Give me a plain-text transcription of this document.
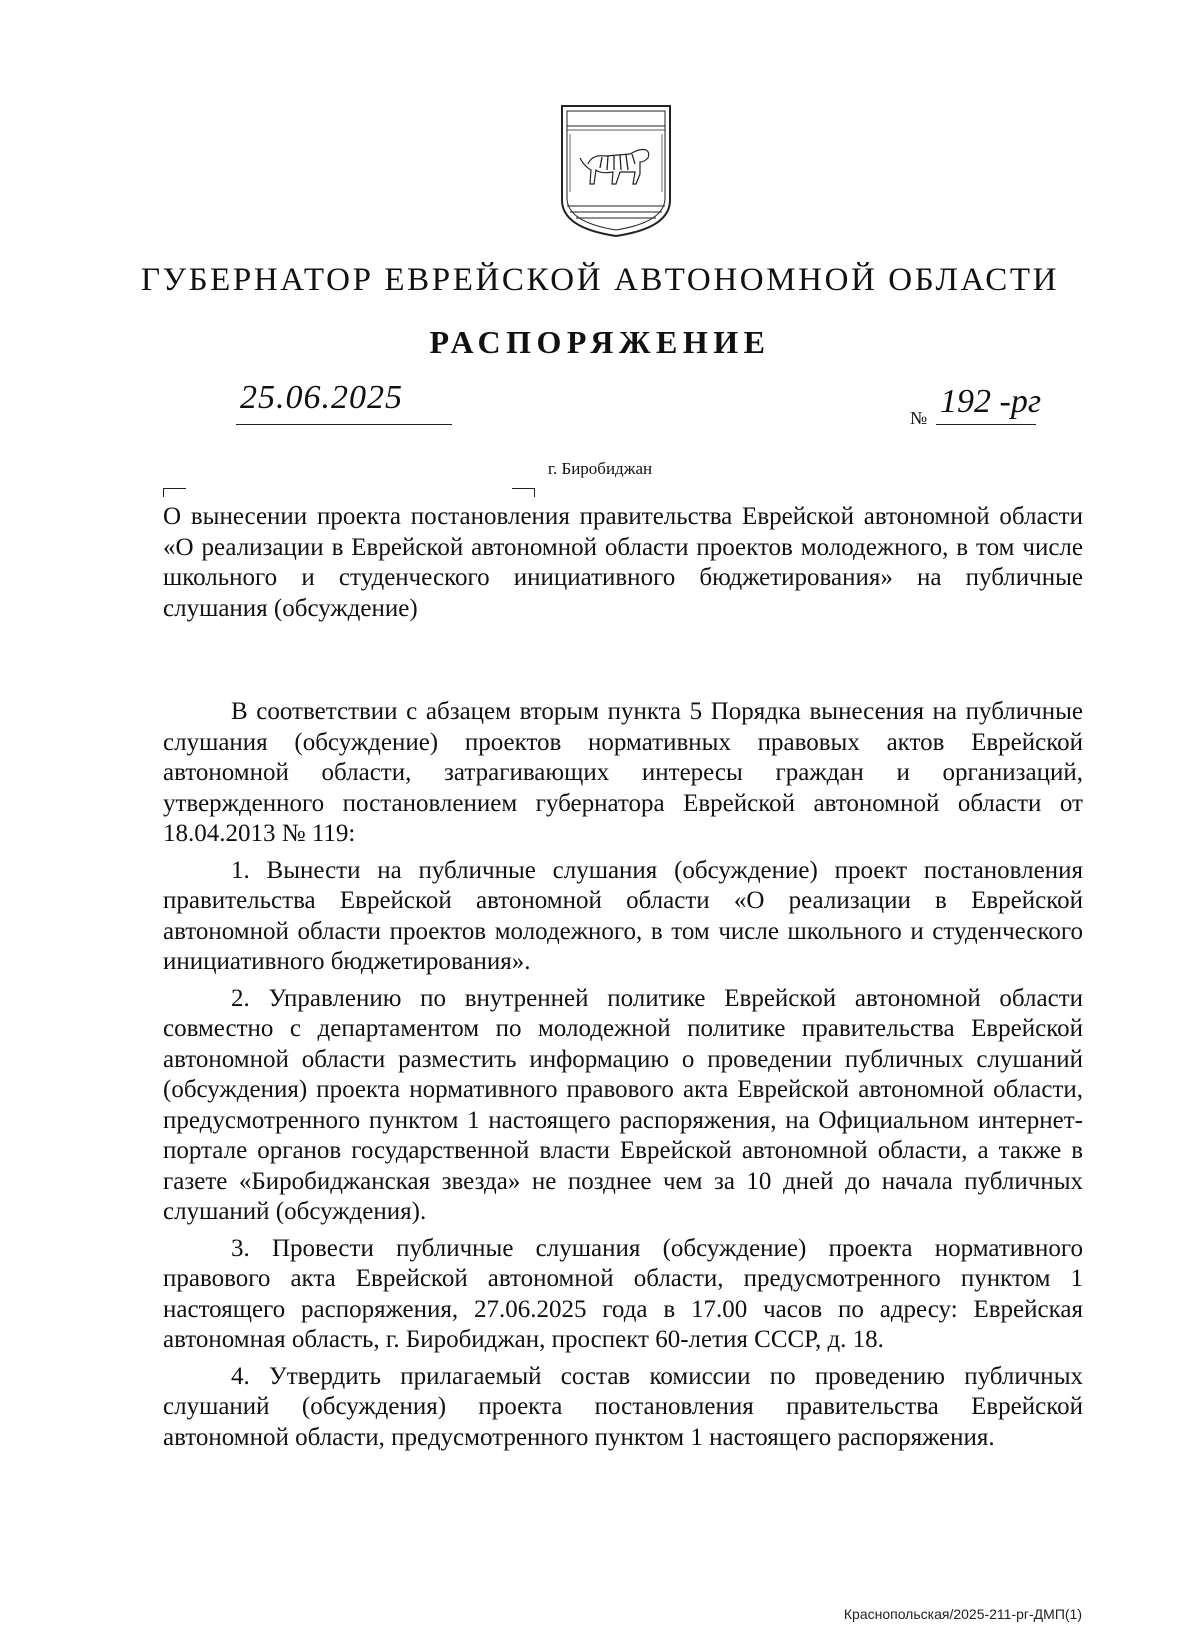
ГУБЕРНАТОР ЕВРЕЙСКОЙ АВТОНОМНОЙ ОБЛАСТИ
РАСПОРЯЖЕНИЕ
25.06.2025
№ 192 -рг
г. Биробиджан
О вынесении проекта постановления правительства Еврейской автономной области «О реализации в Еврейской автономной области проектов молодежного, в том числе школьного и студенческого инициативного бюджетирования» на публичные слушания (обсуждение)

В соответствии с абзацем вторым пункта 5 Порядка вынесения на публичные слушания (обсуждение) проектов нормативных правовых актов Еврейской автономной области, затрагивающих интересы граждан и организаций, утвержденного постановлением губернатора Еврейской автономной области от 18.04.2013 № 119:

1. Вынести на публичные слушания (обсуждение) проект постановления правительства Еврейской автономной области «О реализации в Еврейской автономной области проектов молодежного, в том числе школьного и студенческого инициативного бюджетирования».

2. Управлению по внутренней политике Еврейской автономной области совместно с департаментом по молодежной политике правительства Еврейской автономной области разместить информацию о проведении публичных слушаний (обсуждения) проекта нормативного правового акта Еврейской автономной области, предусмотренного пунктом 1 настоящего распоряжения, на Официальном интернет-портале органов государственной власти Еврейской автономной области, а также в газете «Биробиджанская звезда» не позднее чем за 10 дней до начала публичных слушаний (обсуждения).

3. Провести публичные слушания (обсуждение) проекта нормативного правового акта Еврейской автономной области, предусмотренного пунктом 1 настоящего распоряжения, 27.06.2025 года в 17.00 часов по адресу: Еврейская автономная область, г. Биробиджан, проспект 60-летия СССР, д. 18.

4. Утвердить прилагаемый состав комиссии по проведению публичных слушаний (обсуждения) проекта постановления правительства Еврейской автономной области, предусмотренного пунктом 1 настоящего распоряжения.

Краснопольская/2025-211-рг-ДМП(1)
